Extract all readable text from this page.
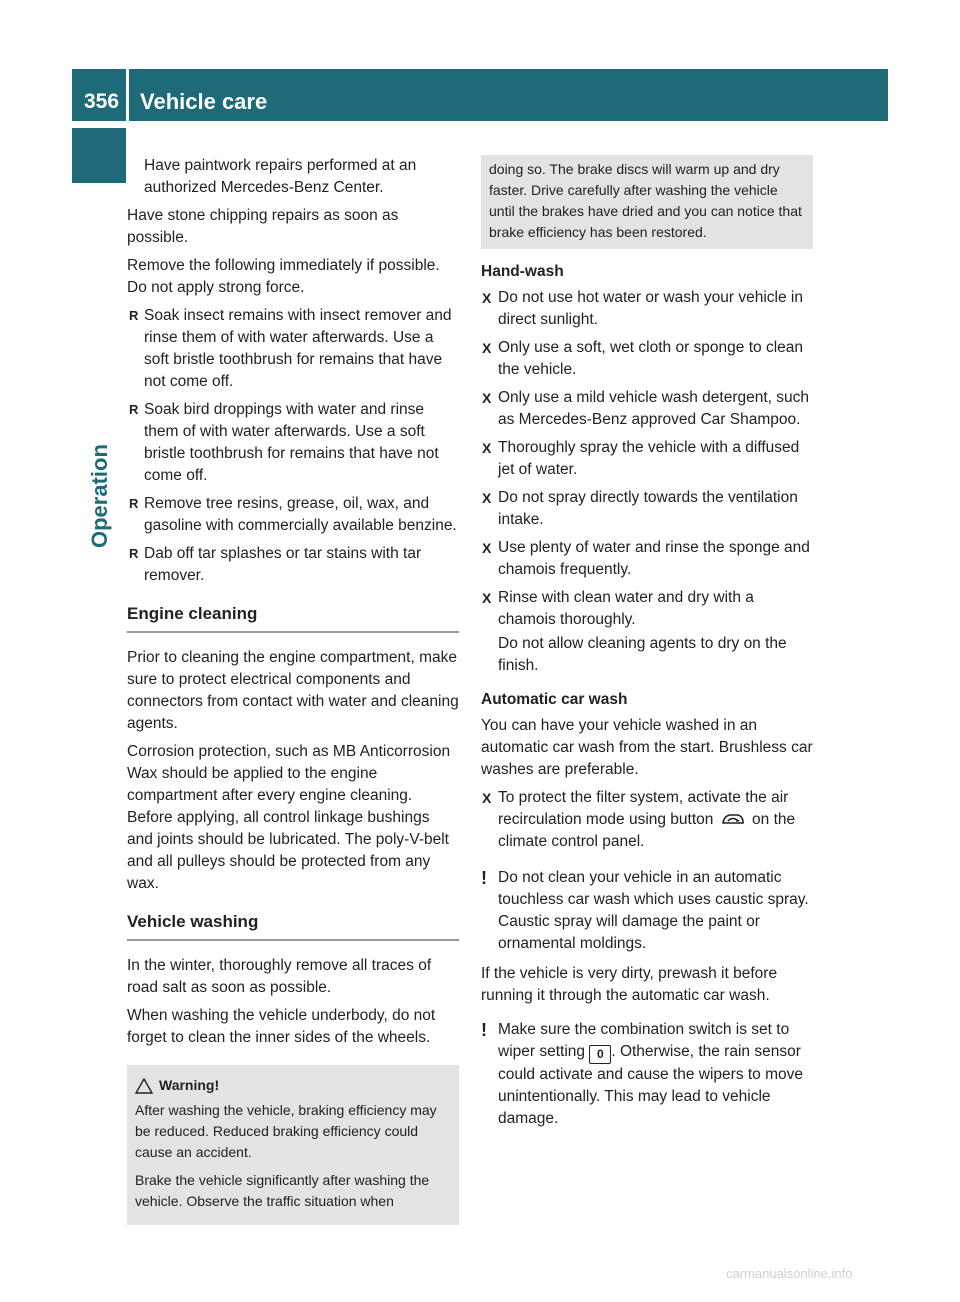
356 Vehicle care
Operation

Have paintwork repairs performed at an authorized Mercedes-Benz Center.

Have stone chipping repairs as soon as possible.

Remove the following immediately if possible. Do not apply strong force.

R Soak insect remains with insect remover and rinse them of with water afterwards. Use a soft bristle toothbrush for remains that have not come off.
R Soak bird droppings with water and rinse them of with water afterwards. Use a soft bristle toothbrush for remains that have not come off.
R Remove tree resins, grease, oil, wax, and gasoline with commercially available benzine.
R Dab off tar splashes or tar stains with tar remover.
Engine cleaning

Prior to cleaning the engine compartment, make sure to protect electrical components and connectors from contact with water and cleaning agents.

Corrosion protection, such as MB Anticorrosion Wax should be applied to the engine compartment after every engine cleaning. Before applying, all control linkage bushings and joints should be lubricated. The poly-V-belt and all pulleys should be protected from any wax.

Vehicle washing

In the winter, thoroughly remove all traces of road salt as soon as possible.

When washing the vehicle underbody, do not forget to clean the inner sides of the wheels.

Warning!

After washing the vehicle, braking efficiency may be reduced. Reduced braking efficiency could cause an accident.

Brake the vehicle significantly after washing the vehicle. Observe the traffic situation when

doing so. The brake discs will warm up and dry faster. Drive carefully after washing the vehicle until the brakes have dried and you can notice that brake efficiency has been restored.
Hand-wash
X Do not use hot water or wash your vehicle in direct sunlight.
X Only use a soft, wet cloth or sponge to clean the vehicle.
X Only use a mild vehicle wash detergent, such as Mercedes-Benz approved Car Shampoo.
X Thoroughly spray the vehicle with a diffused jet of water.
X Do not spray directly towards the ventilation intake.
X Use plenty of water and rinse the sponge and chamois frequently.
X Rinse with clean water and dry with a chamois thoroughly.

Do not allow cleaning agents to dry on the finish.

Automatic car wash

You can have your vehicle washed in an automatic car wash from the start. Brushless car washes are preferable.

X To protect the filter system, activate the air recirculation mode using button on the climate control panel.
! Do not clean your vehicle in an automatic touchless car wash which uses caustic spray. Caustic spray will damage the paint or ornamental moldings.

If the vehicle is very dirty, prewash it before running it through the automatic car wash.

! Make sure the combination switch is set to wiper setting 0 . Otherwise, the rain sensor could activate and cause the wipers to move unintentionally. This may lead to vehicle damage.
carmanualsonline.info
